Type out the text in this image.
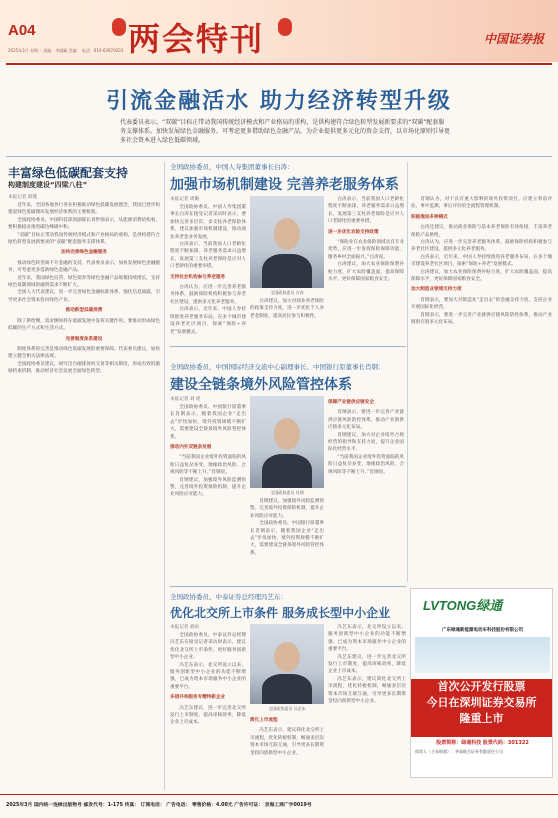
A04	两会特刊	中国证券报
2025年3月 星期一 责编：李淑娴 美编： 电话：010-63070203
引流金融活水 助力经济转型升级
代表委员表示，“双碳”目标正带动我国传统经济模式和产业格局的重构，是供构建符合绿色转型发展新要求的“双碳”配套服务支撑体系。加快发展绿色金融服务，可考虑更多借助绿色金融产品，为企业提供更多元化的资金支持，以市场化原则引导更多社会资本进入绿色低碳领域。
丰富绿色低碳配套支持
构建制度建设“四梁八柱”
本报记者 薛瑾

近年来，全国各地各行各业积极推动绿色低碳发展理念，我国已逐步构建起绿色低碳循环发展经济体系的主要框架。

全国政协委员、中国科技部原副部长刘世锦表示，从能源消费结构看，要积极稳妥推进碳达峰碳中和。

“双碳”目标正带动我国传统经济模式和产业格局的重构，是供构建符合绿色转型发展新要求的“双碳”配套服务支撑体系。

加快完善绿色金融服务

推动绿色转型离不开金融的支持。代表委员表示，加快发展绿色金融服务，可考虑更多借助绿色金融产品。

近年来，我国绿色信贷、绿色债券等绿色金融产品规模持续增长，支持绿色低碳领域的融资需求不断扩大。

全国人大代表建议，进一步完善绿色金融标准体系，强化信息披露，引导更多社会资本投向绿色产业。

推动新型低碳消费

除了供给侧，需求侧同样在低碳发展中发挥关键作用。要推动形成绿色低碳的生产方式和生活方式。

完善制度体系建设

制度体系的完善是推动绿色低碳发展的重要保障。代表委员建议，加快建立健全相关法律法规。

全国政协委员建议，研究出台碳排放权交易等相关制度，形成有效的激励约束机制，推动经济社会发展全面绿色转型。

全国政协委员、中国人寿集团董事长白涛：
加强市场机制建设 完善养老服务体系
本报记者 周璐

全国政协委员、中国人寿集团董事长白涛在接受记者采访时表示，要加快完善多层次、多支柱养老保险体系，建议加强市场机制建设，推动商业养老金业务发展。

白涛表示，当前我国人口老龄化程度不断加深，养老服务需求日益增长，发展第三支柱养老保险是应对人口老龄化的重要举措。

支持社会机构参与养老服务

白涛认为，应进一步完善养老服务体系，鼓励保险机构积极参与养老社区建设，提供多元化养老服务。

白涛表示，近年来，中国人寿持续推进养老服务布局，在多个城市建设养老社区项目，探索“保险+养老”发展模式。

全国政协委员 白涛

白涛建议，加大对商业养老保险的政策支持力度，进一步优化个人养老金制度，提高居民参与积极性。

白涛表示，当前我国人口老龄化程度不断加深，养老服务需求日益增长，发展第三支柱养老保险是应对人口老龄化的重要举措。

进一步优化农险支持政策

“保险业在农业保险领域具有专业优势，应进一步发挥保险保障功能，服务乡村全面振兴。”白涛说。

白涛建议，加大农业保险保费补贴力度，扩大农险覆盖面，提高保障水平，更好保障国家粮食安全。

肖钢认为，对于具有重大影响的境外投资项目，应建立事前评估、事中监测、事后评价的全流程管理机制。

积极推进多种模式

白涛还建议，推动商业保险与基本养老保险有效衔接，丰富养老保险产品供给。

白涛认为，应进一步完善养老服务体系，鼓励保险机构积极参与养老社区建设，提供多元化养老服务。

白涛表示，近年来，中国人寿持续推进养老服务布局，在多个城市建设养老社区项目，探索“保险+养老”发展模式。

白涛建议，加大农业保险保费补贴力度，扩大农险覆盖面，提高保障水平，更好保障国家粮食安全。

加大制造业领域支持力度

肖钢表示，要加大对制造业“走出去”的金融支持力度，支持企业开展国际化经营。

肖钢表示，要进一步完善产业链供应链风险防控体系，推动产业链供应链多元化布局。

全国政协委员、中国国际经济交流中心副理事长、中国银行原董事长肖钢：
建设全链条境外风险管控体系
本报记者 刘 瑶

全国政协委员、中国银行原董事长肖钢表示，随着我国企业“走出去”步伐加快，境外投资规模不断扩大，需要建设全链条境外风险管控体系。

推动内外双链条发展

“当前我国企业境外投资面临的风险日益复杂多变，地缘政治风险、合规风险等不断上升。”肖钢说。

肖钢建议，加强境外风险监测预警，完善境外投资保险机制，提升企业风险应对能力。	全国政协委员 肖钢

肖钢建议，加强境外风险监测预警，完善境外投资保险机制，提升企业风险应对能力。

全国政协委员、中国银行原董事长肖钢表示，随着我国企业“走出去”步伐加快，境外投资规模不断扩大，需要建设全链条境外风险管控体系。

保障产业链供应链安全

肖钢表示，要进一步完善产业链供应链风险防控体系，推动产业链供应链多元化布局。

肖钢建议，加大对企业境外合规经营的指导和支持力度，提升企业国际化经营水平。

“当前我国企业境外投资面临的风险日益复杂多变，地缘政治风险、合规风险等不断上升。”肖钢说。

全国政协委员、中泰证券总经理冯艺东：
优化北交所上市条件 服务成长型中小企业
本报记者 胡雨

全国政协委员、中泰证券总经理冯艺东在接受记者采访时表示，建议优化北交所上市条件，更好服务创新型中小企业。

冯艺东表示，北交所设立以来，服务创新型中小企业的功能不断增强，已成为资本市场服务中小企业的重要平台。

多措并举服务专精特新企业

冯艺东建议，进一步完善北交所发行上市制度，提高审核效率，降低企业上市成本。

全国政协委员 冯艺东
简化上市流程

冯艺东表示，建议简化北交所上市流程，优化转板机制，畅通多层次资本市场互联互通，引导更多长期资金投向创新型中小企业。

冯艺东表示，北交所设立以来，服务创新型中小企业的功能不断增强，已成为资本市场服务中小企业的重要平台。

冯艺东建议，进一步完善北交所发行上市制度，提高审核效率，降低企业上市成本。

冯艺东表示，建议简化北交所上市流程，优化转板机制，畅通多层次资本市场互联互通，引导更多长期资金投向创新型中小企业。

LVTONG绿通
广东绿通新能源电动车科技股份有限公司
首次公开发行股票
今日在深圳证券交易所
隆重上市
股票简称：绿通科技 股票代码：301322
保荐人（主承销商）：华泰联合证券有限责任公司
2025年3月 国内统一连续出版物号 邮发代号：1-175 传真： 订阅电话： 广告电话： 零售价格：4.00元 广告许可证： 京海工商广字0019号
